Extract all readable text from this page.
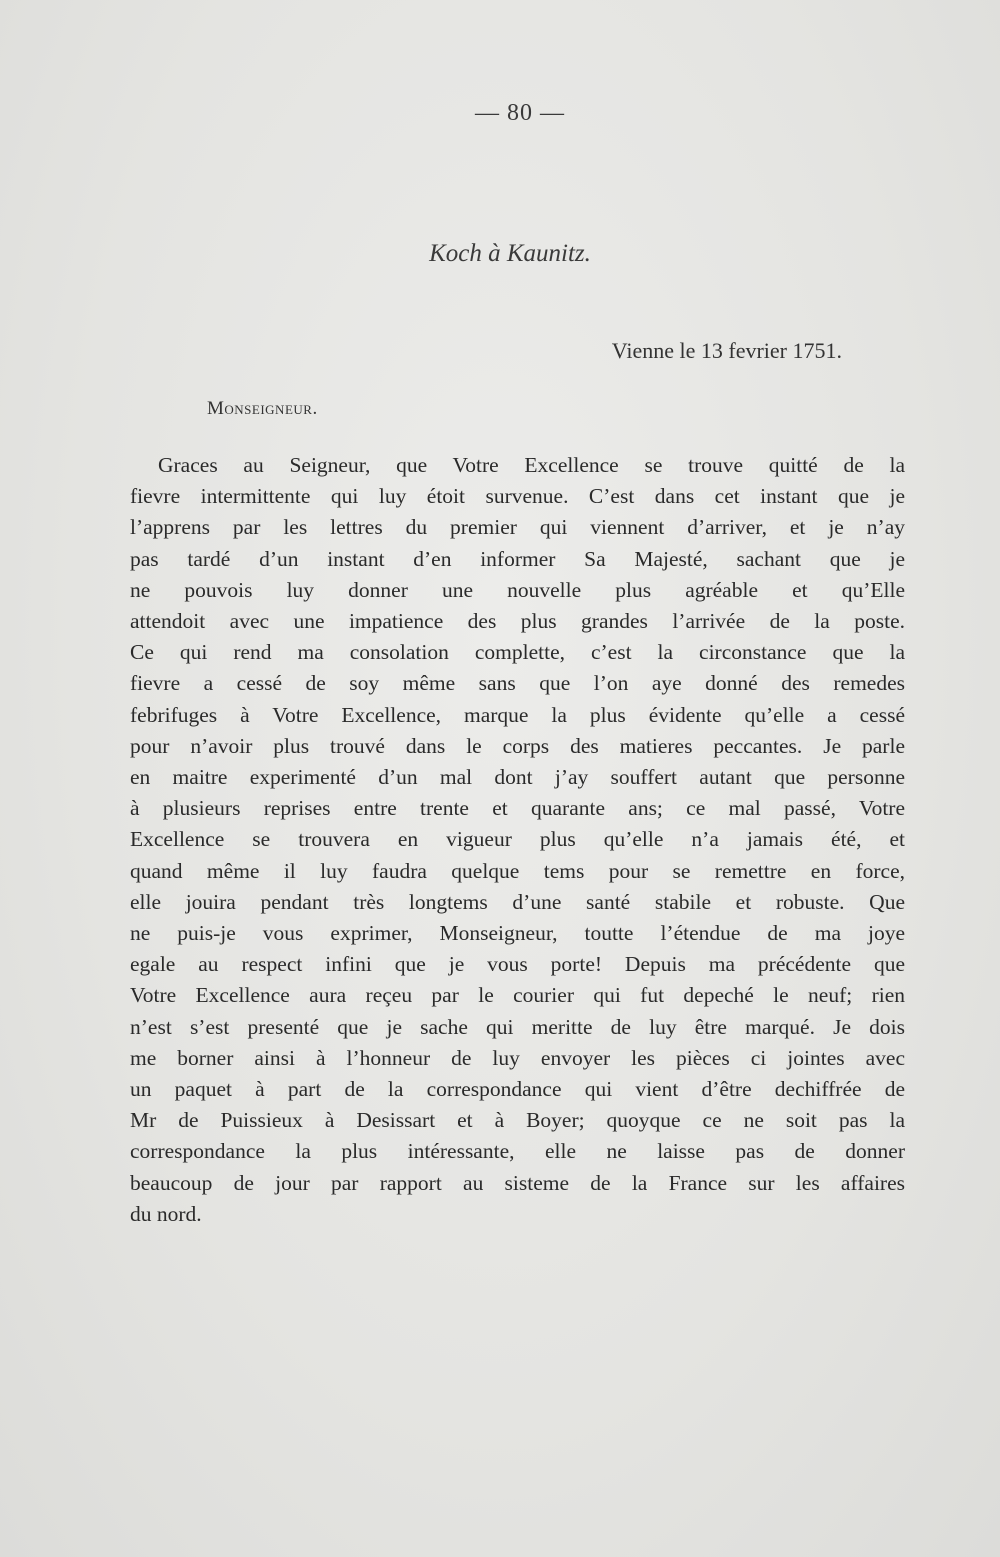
— 80 —
Koch à Kaunitz.
Vienne le 13 fevrier 1751.
Monseigneur.
Graces au Seigneur, que Votre Excellence se trouve quitté de la
fievre intermittente qui luy étoit survenue. C’est dans cet instant que je
l’apprens par les lettres du premier qui viennent d’arriver, et je n’ay
pas tardé d’un instant d’en informer Sa Majesté, sachant que je
ne pouvois luy donner une nouvelle plus agréable et qu’Elle
attendoit avec une impatience des plus grandes l’arrivée de la poste.
Ce qui rend ma consolation complette, c’est la circonstance que la
fievre a cessé de soy même sans que l’on aye donné des remedes
febrifuges à Votre Excellence, marque la plus évidente qu’elle a cessé
pour n’avoir plus trouvé dans le corps des matieres peccantes. Je parle
en maitre experimenté d’un mal dont j’ay souffert autant que personne
à plusieurs reprises entre trente et quarante ans; ce mal passé, Votre
Excellence se trouvera en vigueur plus qu’elle n’a jamais été, et
quand même il luy faudra quelque tems pour se remettre en force,
elle jouira pendant très longtems d’une santé stabile et robuste. Que
ne puis-je vous exprimer, Monseigneur, toutte l’étendue de ma joye
egale au respect infini que je vous porte! Depuis ma précédente que
Votre Excellence aura reçeu par le courier qui fut depeché le neuf; rien
n’est s’est presenté que je sache qui meritte de luy être marqué. Je dois
me borner ainsi à l’honneur de luy envoyer les pièces ci jointes avec
un paquet à part de la correspondance qui vient d’être dechiffrée de
Mr de Puissieux à Desissart et à Boyer; quoyque ce ne soit pas la
correspondance la plus intéressante, elle ne laisse pas de donner
beaucoup de jour par rapport au sisteme de la France sur les affaires
du nord.
